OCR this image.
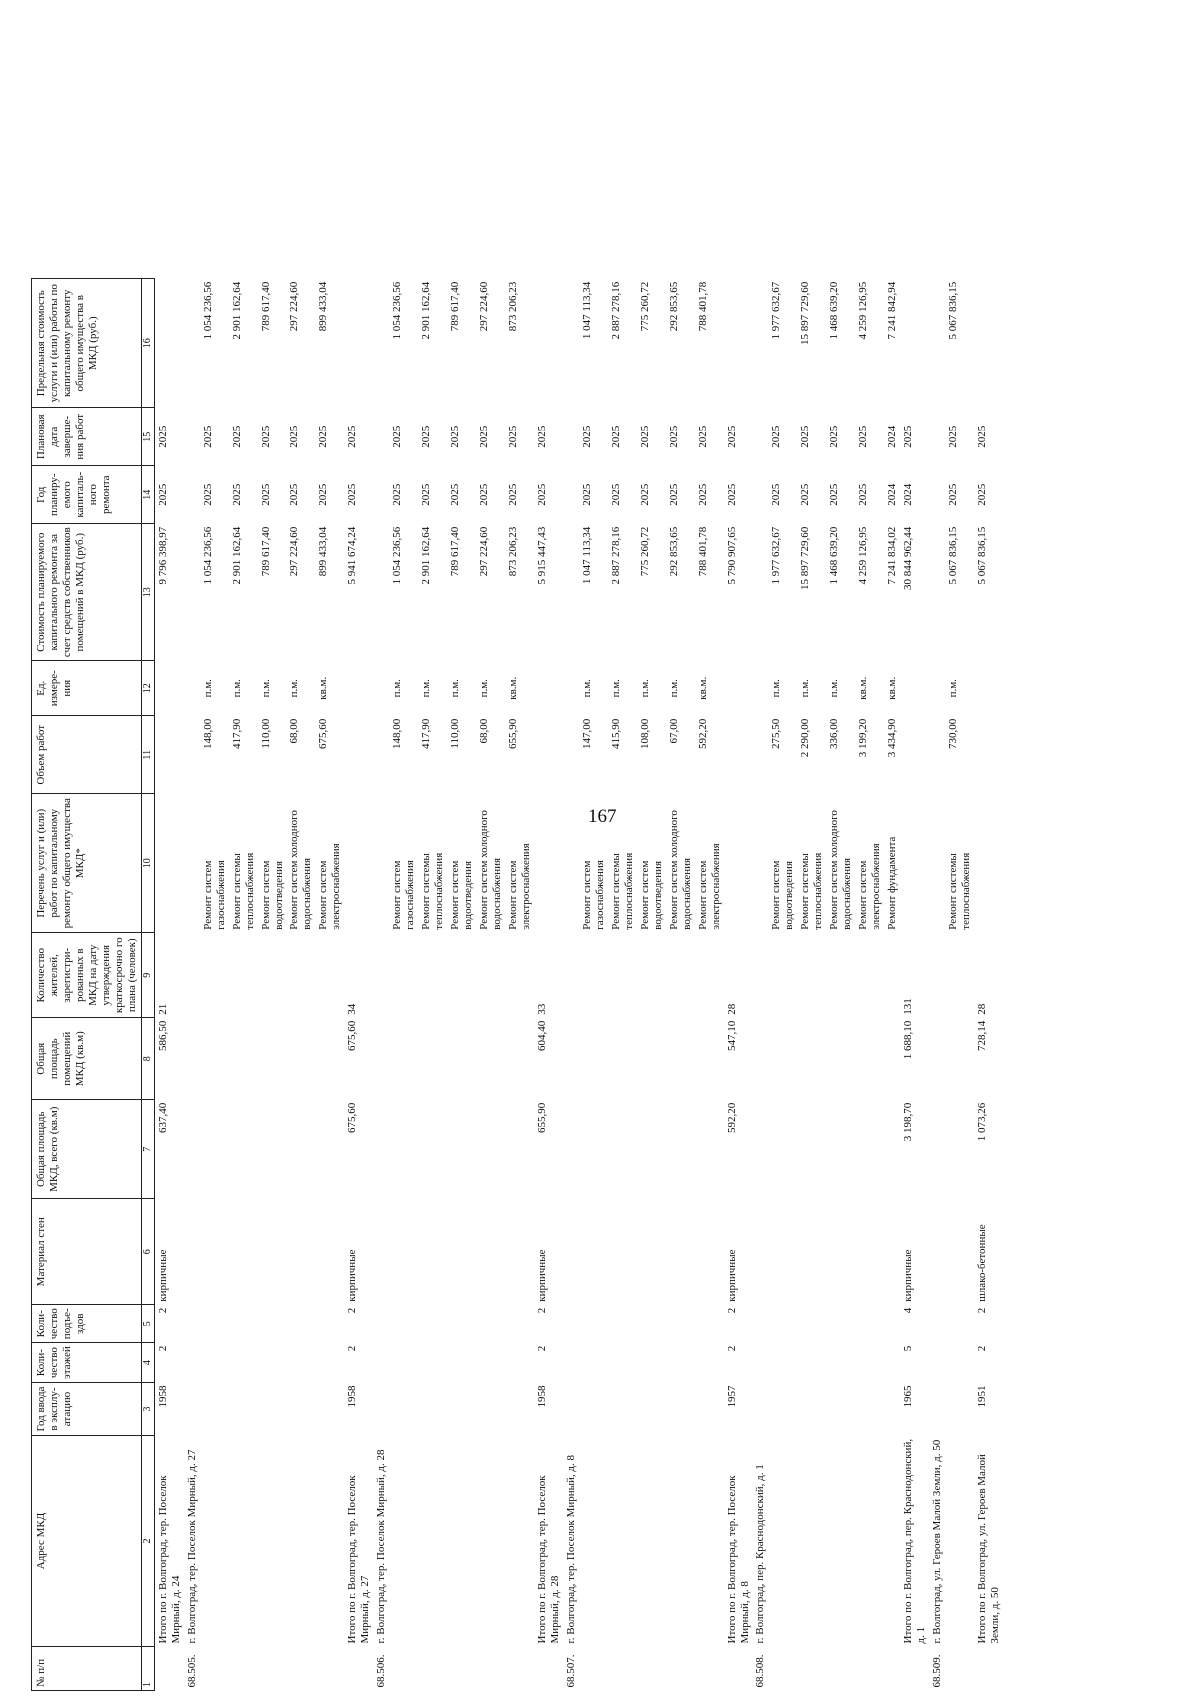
167
№ п/п	Адрес МКД	Год ввода в эксплу-атацию	Коли-чество этажей	Коли-чество подъе-здов	Материал стен	Общая площадь МКД, всего (кв.м)	Общая площадь помещений МКД (кв.м)	Количество жителей, зарегистри-рованных в МКД на дату утверждения краткосрочно го плана (человек)	Перечень услуг и (или) работ по капитальному ремонту общего имущества МКД*	Объем работ	Ед. измере-ния	Стоимость планируемого капитального ремонта за счет средств собственников помещений в МКД (руб.)	Год планиру-емого капиталь-ного ремонта	Плановая дата заверше-ния работ	Предельная стоимость услуги и (или) работы по капитальному ремонту общего имущества в МКД (руб.)
1	2	3	4	5	6	7	8	9	10	11	12	13	14	15	16
	Итого по г. Волгоград, тер. Поселок Мирный, д. 24	1958	2	2	кирпичные	637,40	586,50	21				9 796 398,97	2025	2025	
68.505.	г. Волгоград, тер. Поселок Мирный, д. 27														
									Ремонт систем газоснабжения	148,00	п.м.	1 054 236,56	2025	2025	1 054 236,56
									Ремонт системы теплоснабжения	417,90	п.м.	2 901 162,64	2025	2025	2 901 162,64
									Ремонт систем водоотведения	110,00	п.м.	789 617,40	2025	2025	789 617,40
									Ремонт систем холодного водоснабжения	68,00	п.м.	297 224,60	2025	2025	297 224,60
									Ремонт систем электроснабжения	675,60	кв.м.	899 433,04	2025	2025	899 433,04
	Итого по г. Волгоград, тер. Поселок Мирный, д. 27	1958	2	2	кирпичные	675,60	675,60	34				5 941 674,24	2025	2025	
68.506.	г. Волгоград, тер. Поселок Мирный, д. 28														
									Ремонт систем газоснабжения	148,00	п.м.	1 054 236,56	2025	2025	1 054 236,56
									Ремонт системы теплоснабжения	417,90	п.м.	2 901 162,64	2025	2025	2 901 162,64
									Ремонт систем водоотведения	110,00	п.м.	789 617,40	2025	2025	789 617,40
									Ремонт систем холодного водоснабжения	68,00	п.м.	297 224,60	2025	2025	297 224,60
									Ремонт систем электроснабжения	655,90	кв.м.	873 206,23	2025	2025	873 206,23
	Итого по г. Волгоград, тер. Поселок Мирный, д. 28	1958	2	2	кирпичные	655,90	604,40	33				5 915 447,43	2025	2025	
68.507.	г. Волгоград, тер. Поселок Мирный, д. 8														
									Ремонт систем газоснабжения	147,00	п.м.	1 047 113,34	2025	2025	1 047 113,34
									Ремонт системы теплоснабжения	415,90	п.м.	2 887 278,16	2025	2025	2 887 278,16
									Ремонт систем водоотведения	108,00	п.м.	775 260,72	2025	2025	775 260,72
									Ремонт систем холодного водоснабжения	67,00	п.м.	292 853,65	2025	2025	292 853,65
									Ремонт систем электроснабжения	592,20	кв.м.	788 401,78	2025	2025	788 401,78
	Итого по г. Волгоград, тер. Поселок Мирный, д. 8	1957	2	2	кирпичные	592,20	547,10	28				5 790 907,65	2025	2025	
68.508.	г. Волгоград, пер. Краснодонский, д. 1														
									Ремонт систем водоотведения	275,50	п.м.	1 977 632,67	2025	2025	1 977 632,67
									Ремонт системы теплоснабжения	2 290,00	п.м.	15 897 729,60	2025	2025	15 897 729,60
									Ремонт систем холодного водоснабжения	336,00	п.м.	1 468 639,20	2025	2025	1 468 639,20
									Ремонт систем электроснабжения	3 199,20	кв.м.	4 259 126,95	2025	2025	4 259 126,95
									Ремонт фундамента	3 434,90	кв.м.	7 241 834,02	2024	2024	7 241 842,94
	Итого по г. Волгоград, пер. Краснодонский, д. 1	1965	5	4	кирпичные	3 198,70	1 688,10	131				30 844 962,44	2024	2025	
68.509.	г. Волгоград, ул. Героев Малой Земли, д. 50														
									Ремонт системы теплоснабжения	730,00	п.м.	5 067 836,15	2025	2025	5 067 836,15
	Итого по г. Волгоград, ул. Героев Малой Земли, д. 50	1951	2	2	шлако-бетонные	1 073,26	728,14	28				5 067 836,15	2025	2025	
